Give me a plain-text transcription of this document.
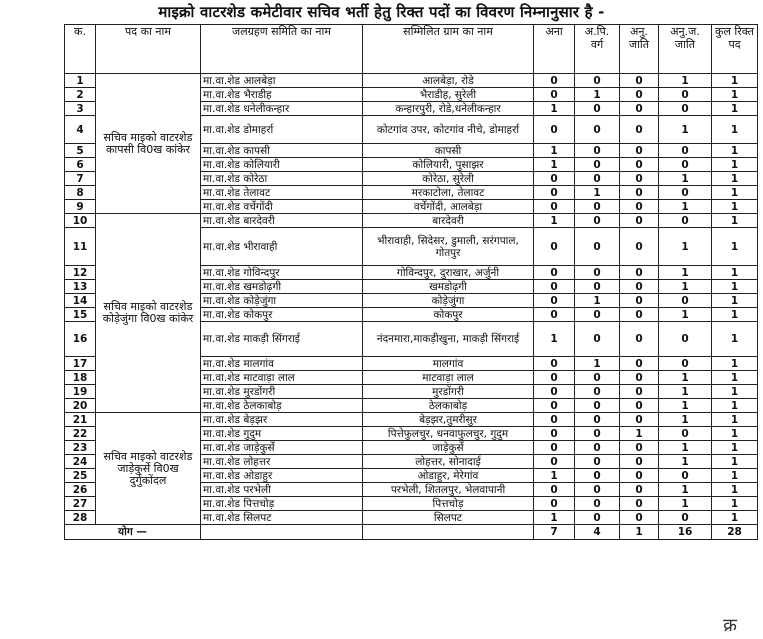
माइक्रो वाटरशेड कमेटीवार सचिव भर्ती हेतु रिक्त पदों का विवरण निम्नानुसार है -
क.	पद का नाम	जलग्रहण समिति का नाम	सम्मिलित ग्राम का नाम	अना	अ.पि. वर्ग	अनु. जाति	अनु.ज. जाति	कुल रिक्त पद
1	सचिव माइको वाटरशेड कापसी वि0ख कांकेर	मा.वा.शेड आलबेड़ा	आलबेड़ा, रोडे	0	0	0	1	1
2		मा.वा.शेड भैराडीह	भैराडीह, सुरेली	0	1	0	0	1
3		मा.वा.शेड धनेलीकन्हार	कन्हारपुरी, रोडे,धनेलीकन्हार	1	0	0	0	1
4		मा.वा.शेड डोमाहर्रा	कोटगांव उपर, कोटगांव नीचे, डोमाहर्रा	0	0	0	1	1
5		मा.वा.शेड कापसी	कापसी	1	0	0	0	1
6		मा.वा.शेड कोलियारी	कोलियारी, पुसाझर	1	0	0	0	1
7		मा.वा.शेड कोरेठा	कोरेठा, सुरेली	0	0	0	1	1
8		मा.वा.शेड तेलावट	मरकाटोला, तेलावट	0	1	0	0	1
9		मा.वा.शेड वर्चेगोंदी	वर्चेगोंदी, आलबेड़ा	0	0	0	1	1
10	सचिव माइको वाटरशेड कोड़ेजुंगा वि0ख कांकेर	मा.वा.शेड बारदेवरी	बारदेवरी	1	0	0	0	1
11		मा.वा.शेड भीरावाही	भीरावाही, सिदेसर, डुमाली, सरंगपाल, गोतपुर	0	0	0	1	1
12		मा.वा.शेड गोविन्दपुर	गोविन्दपुर, दुराखार, अर्जुनी	0	0	0	1	1
13		मा.वा.शेड खमडोढ़गी	खमडोढ़गी	0	0	0	1	1
14		मा.वा.शेड कोड़ेजुंगा	कोड़ेजुंगा	0	1	0	0	1
15		मा.वा.शेड कोकपुर	कोकपुर	0	0	0	1	1
16		मा.वा.शेड माकड़ी सिंगराई	नंदनमारा,माकड़ीखुना, माकड़ी सिंगराई	1	0	0	0	1
17		मा.वा.शेड मालगांव	मालगांव	0	1	0	0	1
18		मा.वा.शेड माटवाड़ा लाल	माटवाड़ा लाल	0	0	0	1	1
19		मा.वा.शेड मुरडोंगरी	मुरडोंगरी	0	0	0	1	1
20		मा.वा.शेड ठेलकाबोड़	ठेलकाबोड़	0	0	0	1	1
21	सचिव माइको वाटरशेड जाड़ेकुर्से वि0ख दुर्गुकोंदल	मा.वा.शेड बेड़झर	बेड़झर,तुमरीसुर	0	0	0	1	1
22		मा.वा.शेड गुदुम	पित्तेफुलचुर, धनवाफुलचुर, गुदुम	0	0	1	0	1
23		मा.वा.शेड जाड़ेकुर्से	जाड़ेकुर्से	0	0	0	1	1
24		मा.वा.शेड लोहत्तर	लोहत्तर, सोनादाई	0	0	0	1	1
25		मा.वा.शेड ओडाहुर	ओडाहुर, मेरेगांव	1	0	0	0	1
26		मा.वा.शेड परभेली	परभेली, शितलपुर, भेलवापानी	0	0	0	1	1
27		मा.वा.शेड पित्तचोड़	पित्तचोड़	0	0	0	1	1
28		मा.वा.शेड सिलपट	सिलपट	1	0	0	0	1
योग —				7	4	1	16	28
क्र
